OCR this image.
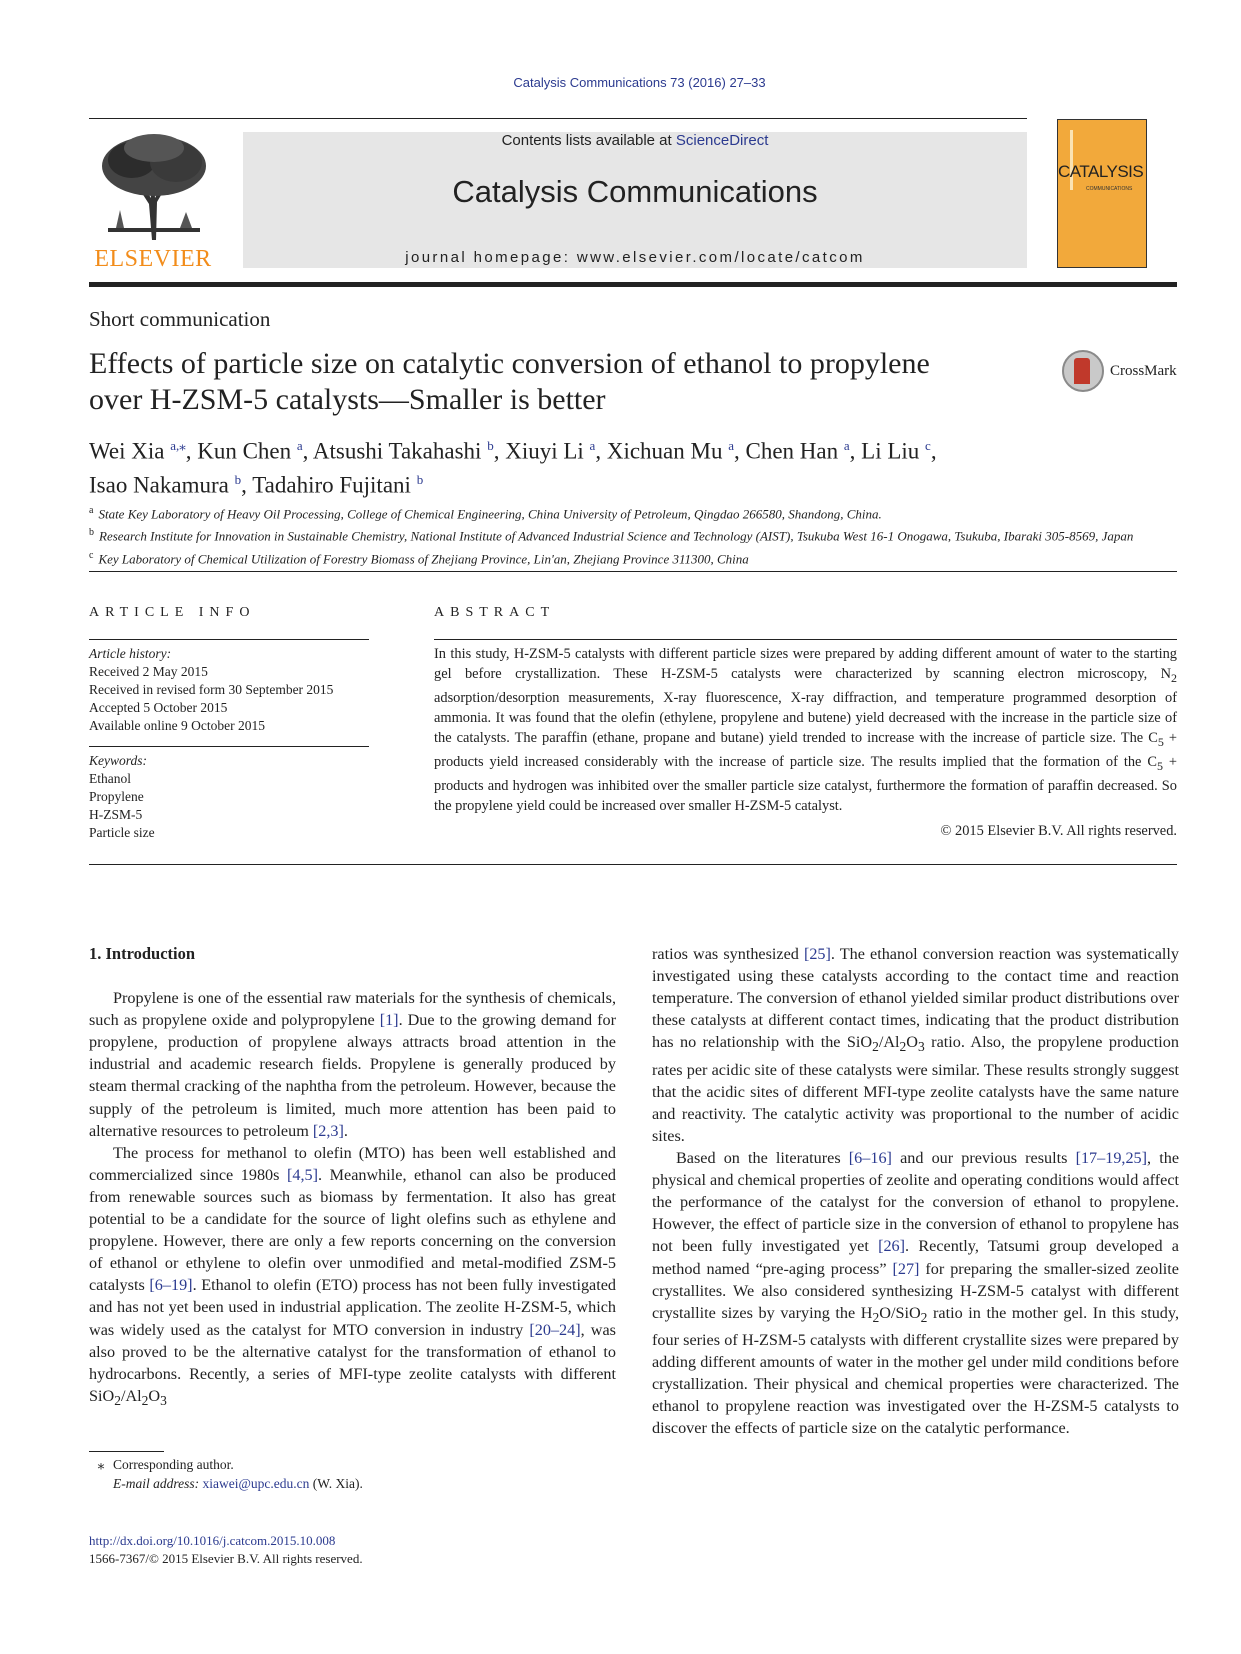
Catalysis Communications 73 (2016) 27–33
ELSEVIER
Contents lists available at ScienceDirect
Catalysis Communications
journal homepage: www.elsevier.com/locate/catcom
CATALYSIS
COMMUNICATIONS
Short communication
Effects of particle size on catalytic conversion of ethanol to propylene
over H-ZSM-5 catalysts—Smaller is better
CrossMark
Wei Xia $^{a,⁎}$, Kun Chen $^a$, Atsushi Takahashi $^b$, Xiuyi Li $^a$, Xichuan Mu $^a$, Chen Han $^a$, Li Liu $^c$,
Isao Nakamura $^b$, Tadahiro Fujitani $^b$
$^a$ State Key Laboratory of Heavy Oil Processing, College of Chemical Engineering, China University of Petroleum, Qingdao 266580, Shandong, China.
$^b$ Research Institute for Innovation in Sustainable Chemistry, National Institute of Advanced Industrial Science and Technology (AIST), Tsukuba West 16-1 Onogawa, Tsukuba, Ibaraki 305-8569, Japan
$^c$ Key Laboratory of Chemical Utilization of Forestry Biomass of Zhejiang Province, Lin'an, Zhejiang Province 311300, China
ARTICLE INFO
Article history:
Received 2 May 2015
Received in revised form 30 September 2015
Accepted 5 October 2015
Available online 9 October 2015
Keywords:
Ethanol
Propylene
H-ZSM-5
Particle size
ABSTRACT
In this study, H-ZSM-5 catalysts with different particle sizes were prepared by adding different amount of water to the starting gel before crystallization. These H-ZSM-5 catalysts were characterized by scanning electron microscopy, $N_2$ adsorption/desorption measurements, X-ray fluorescence, X-ray diffraction, and temperature programmed desorption of ammonia. It was found that the olefin (ethylene, propylene and butene) yield decreased with the increase in the particle size of the catalysts. The paraffin (ethane, propane and butane) yield trended to increase with the increase of particle size. The $C_5$ + products yield increased considerably with the increase of particle size. The results implied that the formation of the $C_5$ + products and hydrogen was inhibited over the smaller particle size catalyst, furthermore the formation of paraffin decreased. So the propylene yield could be increased over smaller H-ZSM-5 catalyst.
© 2015 Elsevier B.V. All rights reserved.
1. Introduction

Propylene is one of the essential raw materials for the synthesis of chemicals, such as propylene oxide and polypropylene [1]. Due to the growing demand for propylene, production of propylene always attracts broad attention in the industrial and academic research fields. Propylene is generally produced by steam thermal cracking of the naphtha from the petroleum. However, because the supply of the petroleum is limited, much more attention has been paid to alternative resources to petroleum [2,3].

The process for methanol to olefin (MTO) has been well established and commercialized since 1980s [4,5]. Meanwhile, ethanol can also be produced from renewable sources such as biomass by fermentation. It also has great potential to be a candidate for the source of light olefins such as ethylene and propylene. However, there are only a few reports concerning on the conversion of ethanol or ethylene to olefin over unmodified and metal-modified ZSM-5 catalysts [6–19]. Ethanol to olefin (ETO) process has not been fully investigated and has not yet been used in industrial application. The zeolite H-ZSM-5, which was widely used as the catalyst for MTO conversion in industry [20–24], was also proved to be the alternative catalyst for the transformation of ethanol to hydrocarbons. Recently, a series of MFI-type zeolite catalysts with different $SiO_2/Al_2O_3$

ratios was synthesized [25]. The ethanol conversion reaction was systematically investigated using these catalysts according to the contact time and reaction temperature. The conversion of ethanol yielded similar product distributions over these catalysts at different contact times, indicating that the product distribution has no relationship with the $SiO_2/Al_2O_3$ ratio. Also, the propylene production rates per acidic site of these catalysts were similar. These results strongly suggest that the acidic sites of different MFI-type zeolite catalysts have the same nature and reactivity. The catalytic activity was proportional to the number of acidic sites.

Based on the literatures [6–16] and our previous results [17–19,25], the physical and chemical properties of zeolite and operating conditions would affect the performance of the catalyst for the conversion of ethanol to propylene. However, the effect of particle size in the conversion of ethanol to propylene has not been fully investigated yet [26]. Recently, Tatsumi group developed a method named “pre-aging process” [27] for preparing the smaller-sized zeolite crystallites. We also considered synthesizing H-ZSM-5 catalyst with different crystallite sizes by varying the $H_2O/SiO_2$ ratio in the mother gel. In this study, four series of H-ZSM-5 catalysts with different crystallite sizes were prepared by adding different amounts of water in the mother gel under mild conditions before crystallization. Their physical and chemical properties were characterized. The ethanol to propylene reaction was investigated over the H-ZSM-5 catalysts to discover the effects of particle size on the catalytic performance.

⁎ Corresponding author.
E-mail address: xiawei@upc.edu.cn (W. Xia).
http://dx.doi.org/10.1016/j.catcom.2015.10.008
1566-7367/© 2015 Elsevier B.V. All rights reserved.
